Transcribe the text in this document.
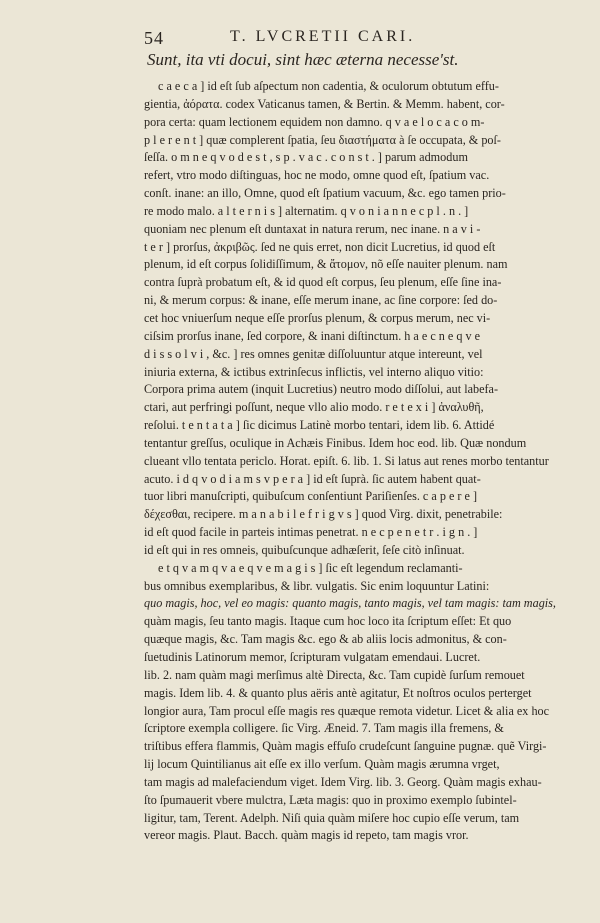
54	T. LVCRETII CARI.
Sunt, ita vti docui, sint hæc æterna necesse'st.
c a e c a ] id eſt ſub aſpectum non cadentia, & oculorum obtutum effu-
gientia, ἀόρατα. codex Vaticanus tamen, & Bertin. & Memm. habent, cor-
pora certa: quam lectionem equidem non damno. q v a e l o c a c o m-
p l e r e n t ] quæ complerent ſpatia, ſeu διαστήματα à ſe occupata, & poſ-
ſeſſa. o m n e q v o d e s t , s p . v a c . c o n s t . ] parum admodum
refert, vtro modo diſtinguas, hoc ne modo, omne quod eſt, ſpatium vac.
conſt. inane: an illo, Omne, quod eſt ſpatium vacuum, &c. ego tamen prio-
re modo malo. a l t e r n i s ] alternatim. q v o n i a n n e c p l . n . ]
quoniam nec plenum eſt duntaxat in natura rerum, nec inane. n a v i -
t e r ] prorſus, ἀκριβῶς. ſed ne quis erret, non dicit Lucretius, id quod eſt
plenum, id eſt corpus ſolidiſſimum, & ἄτομον, nõ eſſe nauiter plenum. nam
contra ſuprà probatum eſt, & id quod eſt corpus, ſeu plenum, eſſe ſine ina-
ni, & merum corpus: & inane, eſſe merum inane, ac ſine corpore: ſed do-
cet hoc vniuerſum neque eſſe prorſus plenum, & corpus merum, nec vi-
ciſsim prorſus inane, ſed corpore, & inani diſtinctum. h a e c n e q v e
d i s s o l v i , &c. ] res omnes genitæ diſſoluuntur atque intereunt, vel
iniuria externa, & ictibus extrinſecus inflictis, vel interno aliquo vitio:
Corpora prima autem (inquit Lucretius) neutro modo diſſolui, aut labefa-
ctari, aut perfringi poſſunt, neque vllo alio modo. r e t e x i ] ἀναλυθῆ,
reſolui. t e n t a t a ] ſic dicimus Latinè morbo tentari, idem lib. 6. Attidé
tentantur greſſus, oculique in Achæis Finibus. Idem hoc eod. lib. Quæ nondum
clueant vllo tentata periclo. Horat. epiſt. 6. lib. 1. Si latus aut renes morbo tentantur
acuto. i d q v o d i a m s v p e r a ] id eſt ſuprà. ſic autem habent quat-
tuor libri manuſcripti, quibuſcum conſentiunt Pariſienſes. c a p e r e ]
δέχεσθαι, recipere. m a n a b i l e f r i g v s ] quod Virg. dixit, penetrabile:
id eſt quod facile in parteis intimas penetrat. n e c p e n e t r . i g n . ]
id eſt qui in res omneis, quibuſcunque adhæſerit, ſeſe citò inſinuat.
e t q v a m q v a e q v e m a g i s ] ſic eſt legendum reclamanti-
bus omnibus exemplaribus, & libr. vulgatis. Sic enim loquuntur Latini:
quo magis, hoc, vel eo magis: quanto magis, tanto magis, vel tam magis: tam magis,
quàm magis, ſeu tanto magis. Itaque cum hoc loco ita ſcriptum eſſet: Et quo
quæque magis, &c. Tam magis &c. ego & ab aliis locis admonitus, & con-
ſuetudinis Latinorum memor, ſcripturam vulgatam emendaui. Lucret.
lib. 2. nam quàm magi merſimus altè Directa, &c. Tam cupidè ſurſum remouet
magis. Idem lib. 4. & quanto plus aëris antè agitatur, Et noſtros oculos perterget
longior aura, Tam procul eſſe magis res quæque remota videtur. Licet & alia ex hoc
ſcriptore exempla colligere. ſic Virg. Æneid. 7. Tam magis illa fremens, &
triſtibus effera flammis, Quàm magis effuſo crudeſcunt ſanguine pugnæ. quẽ Virgi-
lij locum Quintilianus ait eſſe ex illo verſum. Quàm magis ærumna vrget,
tam magis ad malefaciendum viget. Idem Virg. lib. 3. Georg. Quàm magis exhau-
ſto ſpumauerit vbere mulctra, Læta magis: quo in proximo exemplo ſubintel-
ligitur, tam, Terent. Adelph. Niſi quia quàm miſere hoc cupio eſſe verum, tam
vereor magis. Plaut. Bacch. quàm magis id repeto, tam magis vror.
